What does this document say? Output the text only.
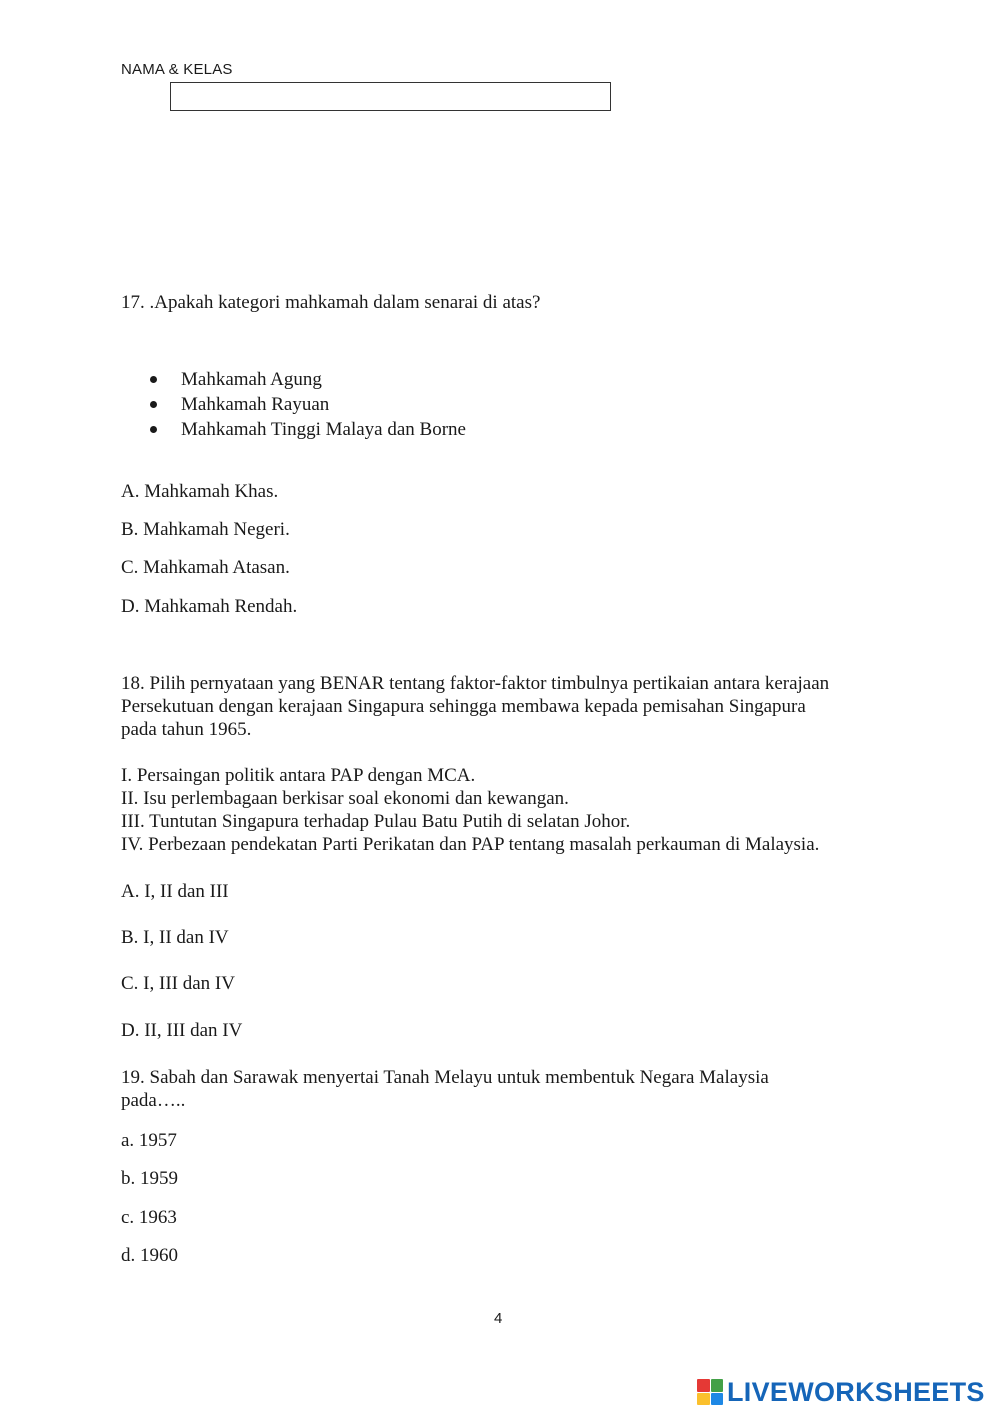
NAMA & KELAS
17. .Apakah kategori mahkamah dalam senarai di atas?
Mahkamah Agung
Mahkamah Rayuan
Mahkamah Tinggi Malaya dan Borne
A. Mahkamah Khas.
B. Mahkamah Negeri.
C. Mahkamah Atasan.
D. Mahkamah Rendah.
18. Pilih pernyataan yang BENAR tentang faktor-faktor timbulnya pertikaian antara kerajaan
Persekutuan dengan kerajaan Singapura sehingga membawa kepada pemisahan Singapura
pada tahun 1965.
I. Persaingan politik antara PAP dengan MCA.
II. Isu perlembagaan berkisar soal ekonomi dan kewangan.
III. Tuntutan Singapura terhadap Pulau Batu Putih di selatan Johor.
IV. Perbezaan pendekatan Parti Perikatan dan PAP tentang masalah perkauman di Malaysia.
A. I, II dan III
B. I, II dan IV
C. I, III dan IV
D. II, III dan IV
19. Sabah dan Sarawak menyertai Tanah Melayu untuk membentuk Negara Malaysia
pada…..
a. 1957
b. 1959
c. 1963
d. 1960
4
LIVEWORKSHEETS
